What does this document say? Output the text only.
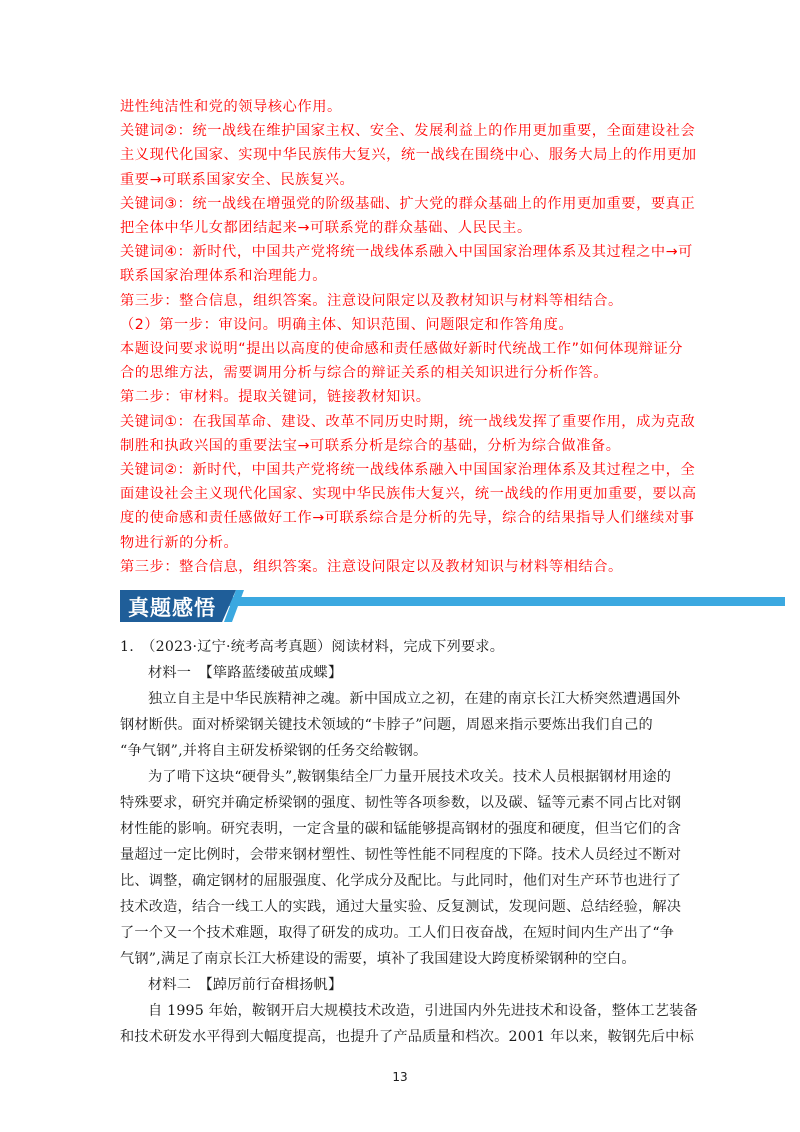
进性纯洁性和党的领导核心作用。
关键词②：统一战线在维护国家主权、安全、发展利益上的作用更加重要，全面建设社会
主义现代化国家、实现中华民族伟大复兴，统一战线在围绕中心、服务大局上的作用更加
重要→可联系国家安全、民族复兴。
关键词③：统一战线在增强党的阶级基础、扩大党的群众基础上的作用更加重要，要真正
把全体中华儿女都团结起来→可联系党的群众基础、人民民主。
关键词④：新时代，中国共产党将统一战线体系融入中国国家治理体系及其过程之中→可
联系国家治理体系和治理能力。
第三步：整合信息，组织答案。注意设问限定以及教材知识与材料等相结合。
（2）第一步：审设问。明确主体、知识范围、问题限定和作答角度。
本题设问要求说明“提出以高度的使命感和责任感做好新时代统战工作”如何体现辩证分
合的思维方法，需要调用分析与综合的辩证关系的相关知识进行分析作答。
第二步：审材料。提取关键词，链接教材知识。
关键词①：在我国革命、建设、改革不同历史时期，统一战线发挥了重要作用，成为克敌
制胜和执政兴国的重要法宝→可联系分析是综合的基础，分析为综合做准备。
关键词②：新时代，中国共产党将统一战线体系融入中国国家治理体系及其过程之中，全
面建设社会主义现代化国家、实现中华民族伟大复兴，统一战线的作用更加重要，要以高
度的使命感和责任感做好工作→可联系综合是分析的先导，综合的结果指导人们继续对事
物进行新的分析。
第三步：整合信息，组织答案。注意设问限定以及教材知识与材料等相结合。
真题感悟
1.　（2023·辽宁·统考高考真题）阅读材料，完成下列要求。
材料一　【筚路蓝缕破茧成蝶】
独立自主是中华民族精神之魂。新中国成立之初，在建的南京长江大桥突然遭遇国外
钢材断供。面对桥梁钢关键技术领域的“卡脖子”问题，周恩来指示要炼出我们自己的
“争气钢”,并将自主研发桥梁钢的任务交给鞍钢。
为了啃下这块“硬骨头”,鞍钢集结全厂力量开展技术攻关。技术人员根据钢材用途的
特殊要求，研究并确定桥梁钢的强度、韧性等各项参数，以及碳、锰等元素不同占比对钢
材性能的影响。研究表明，一定含量的碳和锰能够提高钢材的强度和硬度，但当它们的含
量超过一定比例时，会带来钢材塑性、韧性等性能不同程度的下降。技术人员经过不断对
比、调整，确定钢材的屈服强度、化学成分及配比。与此同时，他们对生产环节也进行了
技术改造，结合一线工人的实践，通过大量实验、反复测试，发现问题、总结经验，解决
了一个又一个技术难题，取得了研发的成功。工人们日夜奋战，在短时间内生产出了“争
气钢”,满足了南京长江大桥建设的需要，填补了我国建设大跨度桥梁钢种的空白。
材料二　【踔厉前行奋楫扬帆】
自 1995 年始，鞍钢开启大规模技术改造，引进国内外先进技术和设备，整体工艺装备
和技术研发水平得到大幅度提高，也提升了产品质量和档次。2001 年以来，鞍钢先后中标
13
